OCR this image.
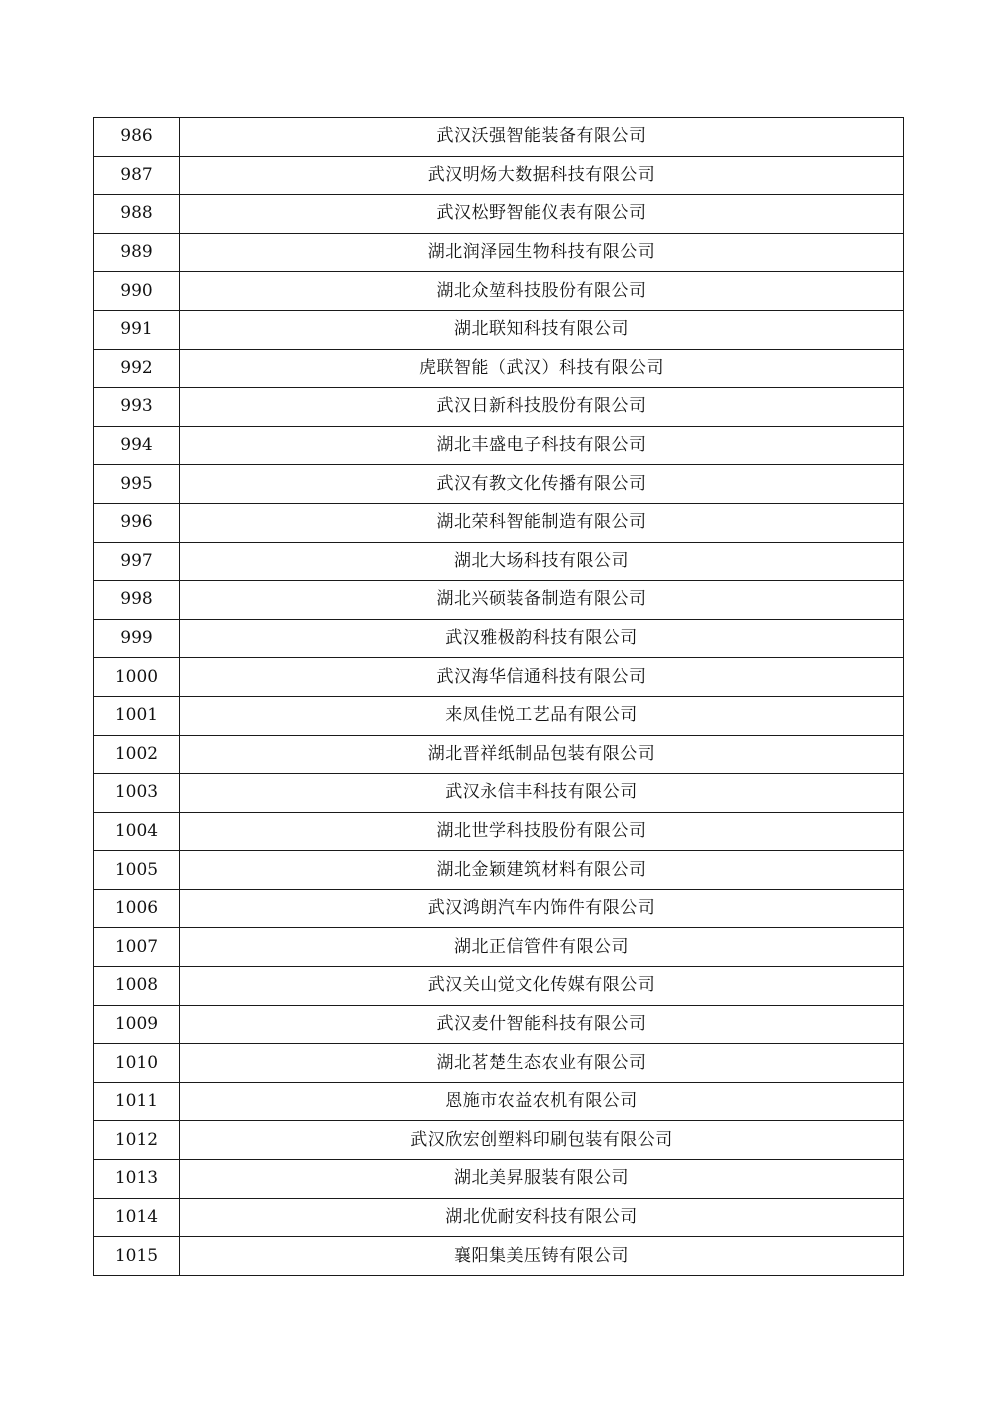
986	武汉沃强智能装备有限公司
987	武汉明炀大数据科技有限公司
988	武汉松野智能仪表有限公司
989	湖北润泽园生物科技有限公司
990	湖北众堃科技股份有限公司
991	湖北联知科技有限公司
992	虎联智能（武汉）科技有限公司
993	武汉日新科技股份有限公司
994	湖北丰盛电子科技有限公司
995	武汉有教文化传播有限公司
996	湖北荣科智能制造有限公司
997	湖北大场科技有限公司
998	湖北兴硕装备制造有限公司
999	武汉雅极韵科技有限公司
1000	武汉海华信通科技有限公司
1001	来凤佳悦工艺品有限公司
1002	湖北晋祥纸制品包装有限公司
1003	武汉永信丰科技有限公司
1004	湖北世学科技股份有限公司
1005	湖北金颖建筑材料有限公司
1006	武汉鸿朗汽车内饰件有限公司
1007	湖北正信管件有限公司
1008	武汉关山觉文化传媒有限公司
1009	武汉麦什智能科技有限公司
1010	湖北茗楚生态农业有限公司
1011	恩施市农益农机有限公司
1012	武汉欣宏创塑料印刷包装有限公司
1013	湖北美昇服装有限公司
1014	湖北优耐安科技有限公司
1015	襄阳集美压铸有限公司
